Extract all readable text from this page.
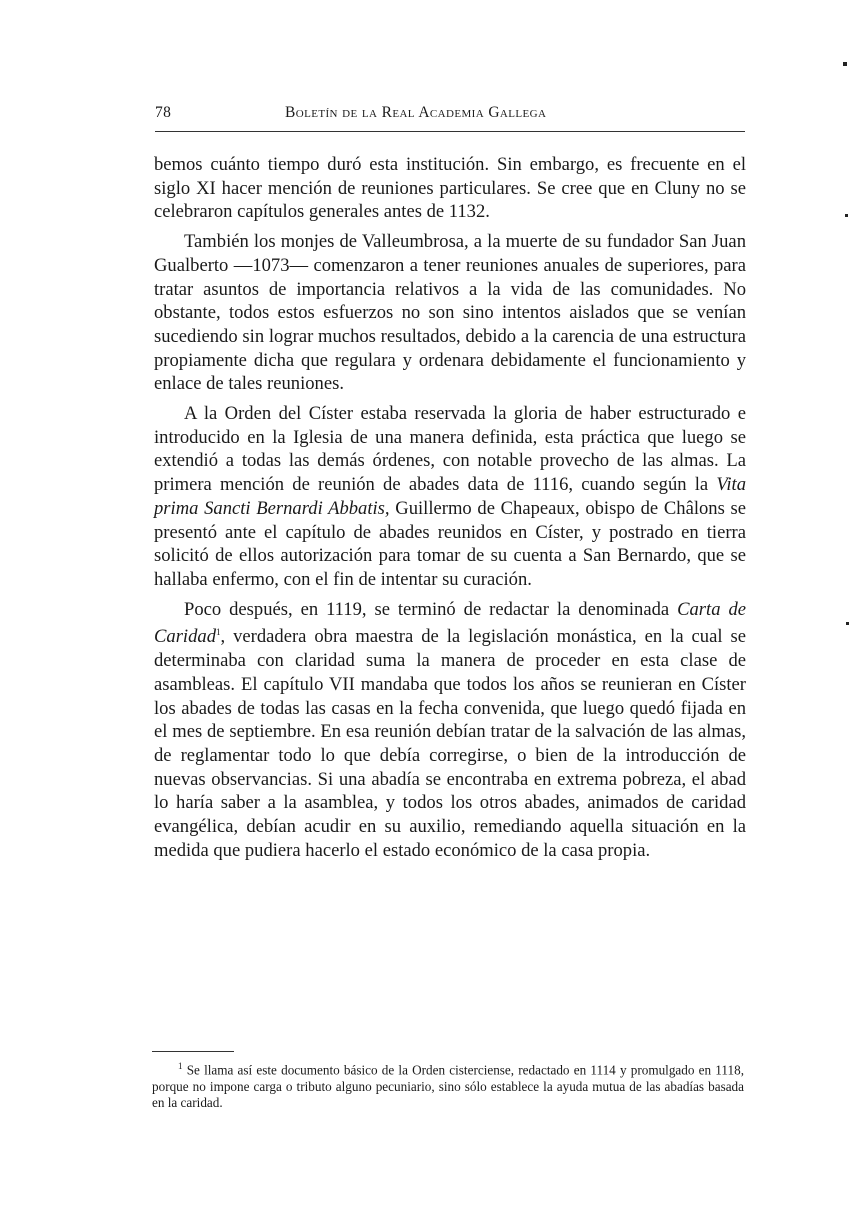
78	Boletín de la Real Academia Gallega

bemos cuánto tiempo duró esta institución. Sin embargo, es frecuente en el siglo XI hacer mención de reuniones particulares. Se cree que en Cluny no se celebraron capítulos generales antes de 1132.

También los monjes de Valleumbrosa, a la muerte de su fundador San Juan Gualberto —1073— comenzaron a tener reuniones anuales de superiores, para tratar asuntos de importancia relativos a la vida de las comunidades. No obstante, todos estos esfuerzos no son sino intentos aislados que se venían sucediendo sin lograr muchos resultados, debido a la carencia de una estructura propiamente dicha que regulara y ordenara debidamente el funcionamiento y enlace de tales reuniones.

A la Orden del Císter estaba reservada la gloria de haber estructurado e introducido en la Iglesia de una manera definida, esta práctica que luego se extendió a todas las demás órdenes, con notable provecho de las almas. La primera mención de reunión de abades data de 1116, cuando según la Vita prima Sancti Bernardi Abbatis, Guillermo de Chapeaux, obispo de Châlons se presentó ante el capítulo de abades reunidos en Císter, y postrado en tierra solicitó de ellos autorización para tomar de su cuenta a San Bernardo, que se hallaba enfermo, con el fin de intentar su curación.

Poco después, en 1119, se terminó de redactar la denominada Carta de Caridad$^1$, verdadera obra maestra de la legislación monástica, en la cual se determinaba con claridad suma la manera de proceder en esta clase de asambleas. El capítulo VII mandaba que todos los años se reunieran en Císter los abades de todas las casas en la fecha convenida, que luego quedó fijada en el mes de septiembre. En esa reunión debían tratar de la salvación de las almas, de reglamentar todo lo que debía corregirse, o bien de la introducción de nuevas observancias. Si una abadía se encontraba en extrema pobreza, el abad lo haría saber a la asamblea, y todos los otros abades, animados de caridad evangélica, debían acudir en su auxilio, remediando aquella situación en la medida que pudiera hacerlo el estado económico de la casa propia.

$^1$ Se llama así este documento básico de la Orden cisterciense, redactado en 1114 y promulgado en 1118, porque no impone carga o tributo alguno pecuniario, sino sólo establece la ayuda mutua de las abadías basada en la caridad.
